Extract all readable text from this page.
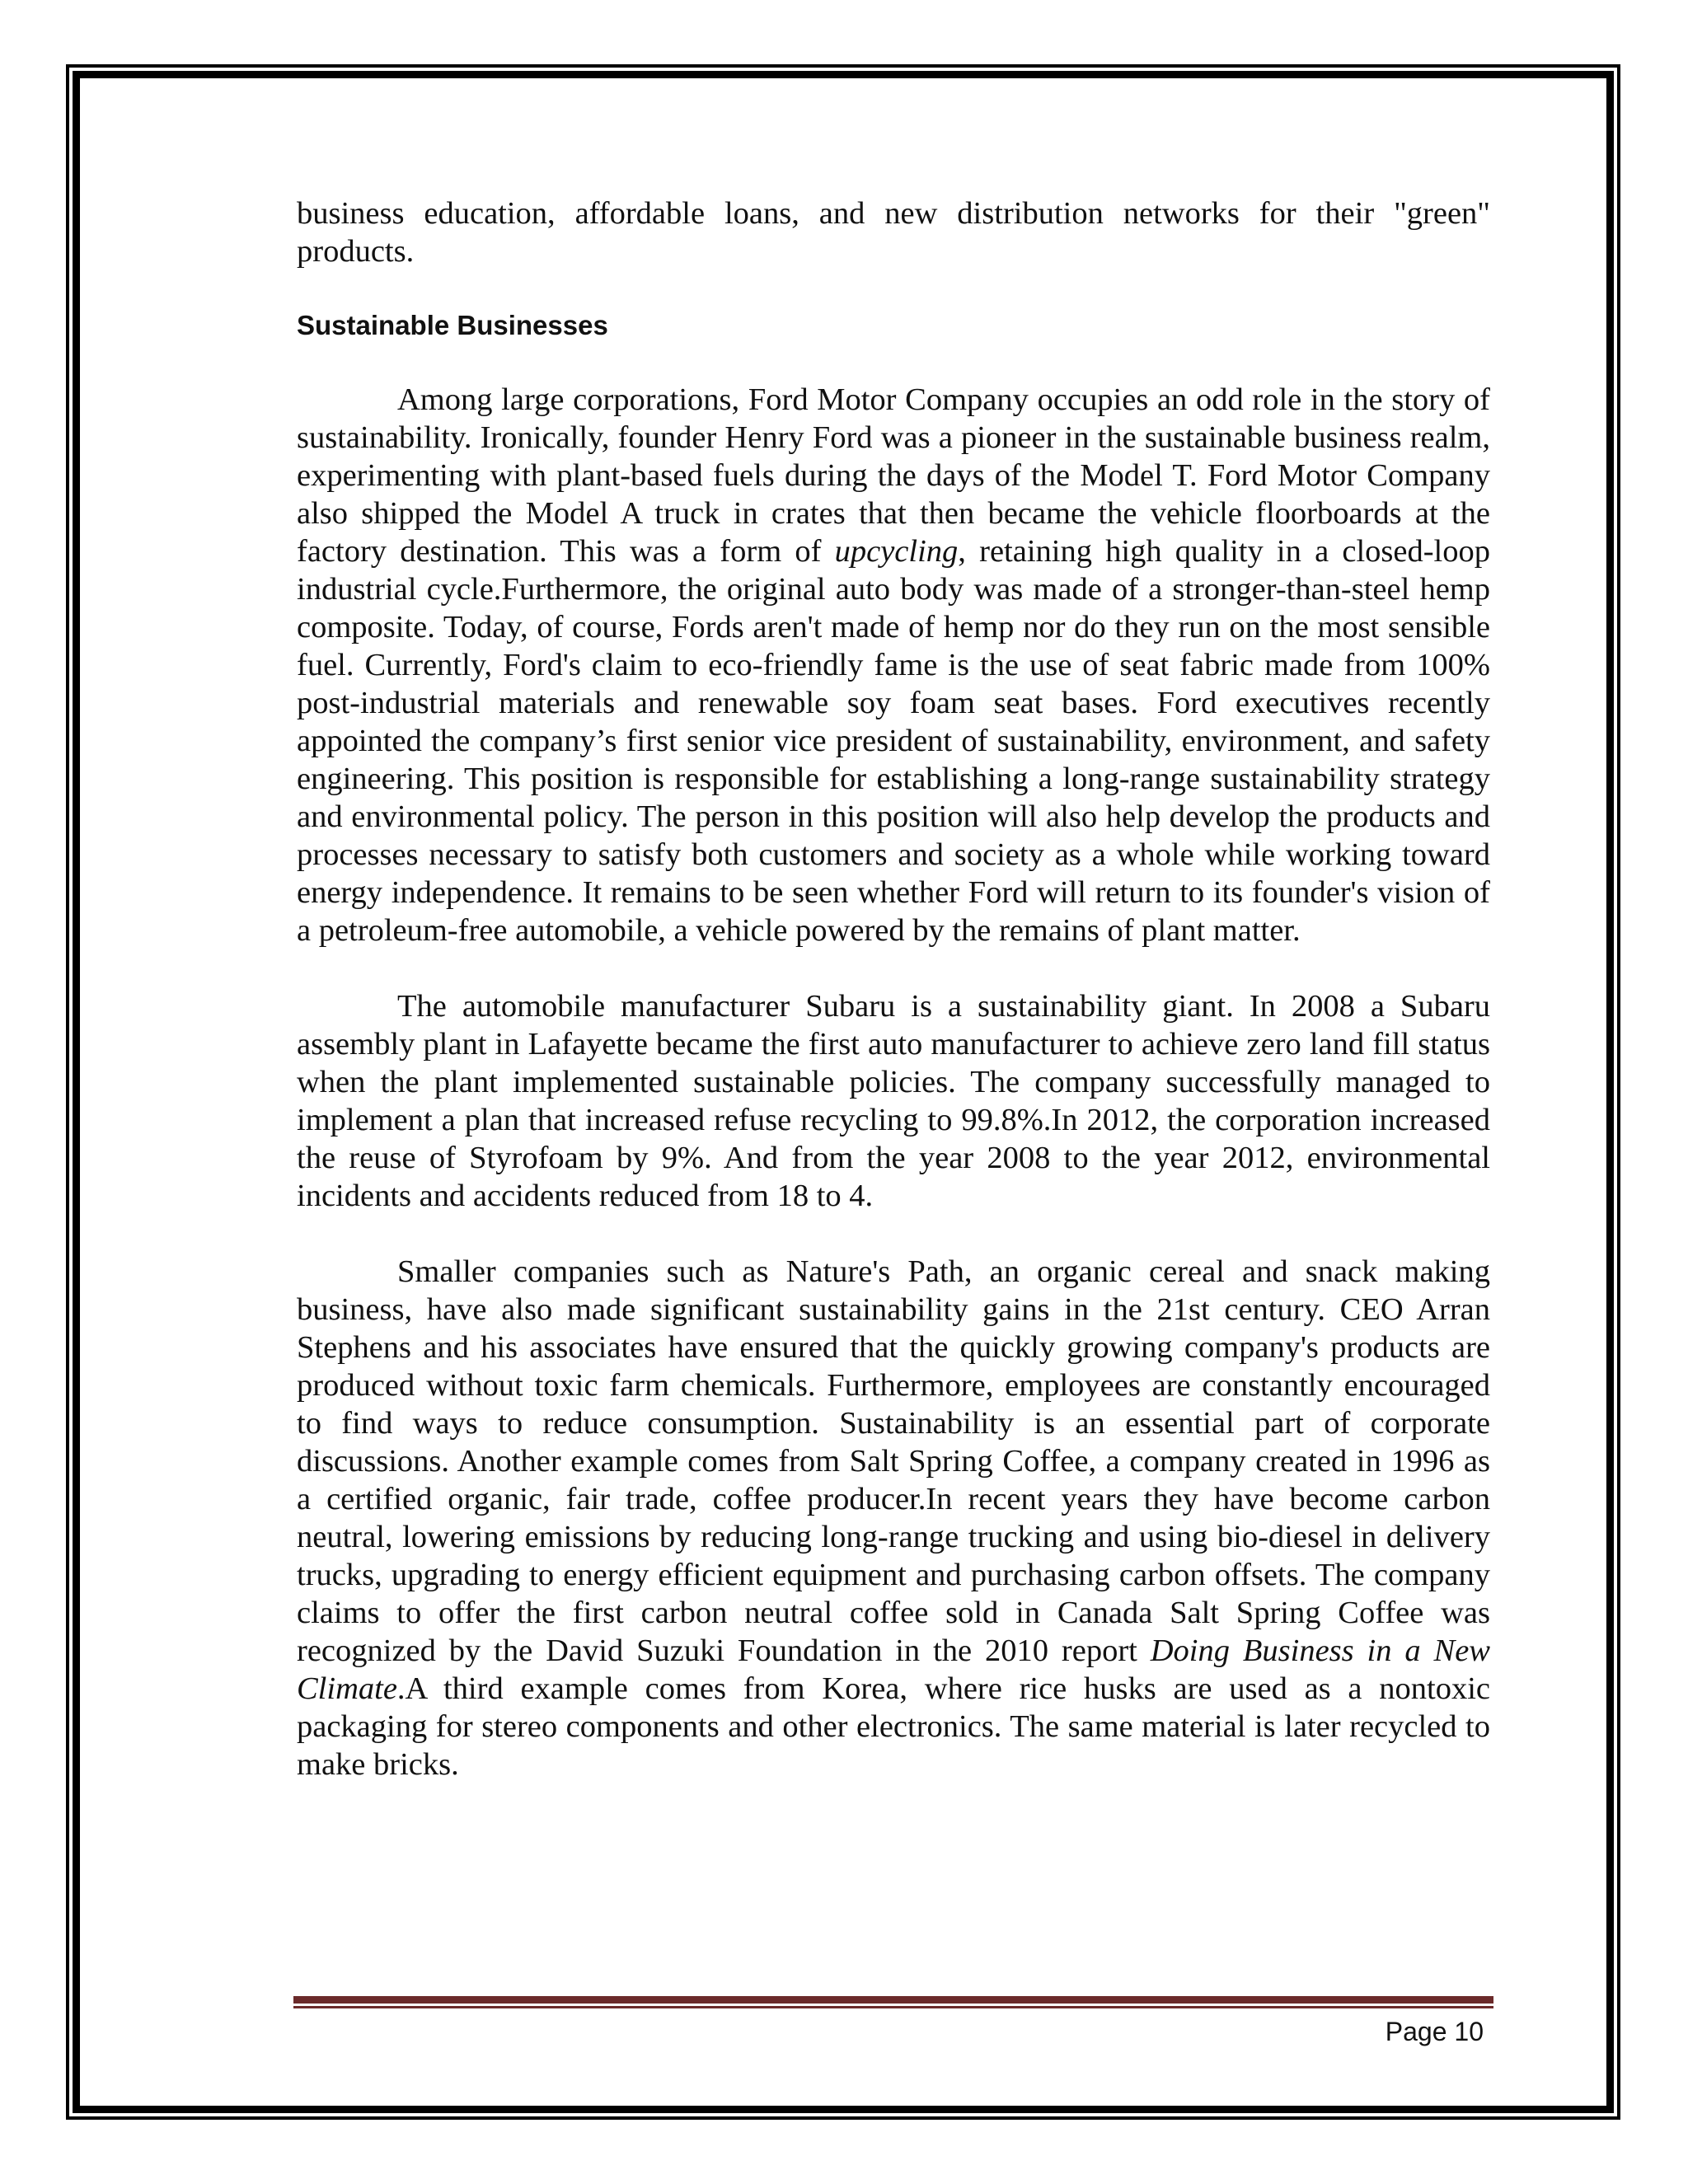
business education, affordable loans, and new distribution networks for their "green" products.

Sustainable Businesses

Among large corporations, Ford Motor Company occupies an odd role in the story of sustainability. Ironically, founder Henry Ford was a pioneer in the sustainable business realm, experimenting with plant-based fuels during the days of the Model T. Ford Motor Company also shipped the Model A truck in crates that then became the vehicle floorboards at the factory destination. This was a form of upcycling, retaining high quality in a closed-loop industrial cycle.Furthermore, the original auto body was made of a stronger-than-steel hemp composite. Today, of course, Fords aren't made of hemp nor do they run on the most sensible fuel. Currently, Ford's claim to eco-friendly fame is the use of seat fabric made from 100% post-industrial materials and renewable soy foam seat bases. Ford executives recently appointed the company’s first senior vice president of sustainability, environment, and safety engineering. This position is responsible for establishing a long-range sustainability strategy and environmental policy. The person in this position will also help develop the products and processes necessary to satisfy both customers and society as a whole while working toward energy independence. It remains to be seen whether Ford will return to its founder's vision of a petroleum-free automobile, a vehicle powered by the remains of plant matter.

The automobile manufacturer Subaru is a sustainability giant. In 2008 a Subaru assembly plant in Lafayette became the first auto manufacturer to achieve zero land fill status when the plant implemented sustainable policies. The company successfully managed to implement a plan that increased refuse recycling to 99.8%.In 2012, the corporation increased the reuse of Styrofoam by 9%. And from the year 2008 to the year 2012, environmental incidents and accidents reduced from 18 to 4.

Smaller companies such as Nature's Path, an organic cereal and snack making business, have also made significant sustainability gains in the 21st century. CEO Arran Stephens and his associates have ensured that the quickly growing company's products are produced without toxic farm chemicals. Furthermore, employees are constantly encouraged to find ways to reduce consumption. Sustainability is an essential part of corporate discussions. Another example comes from Salt Spring Coffee, a company created in 1996 as a certified organic, fair trade, coffee producer.In recent years they have become carbon neutral, lowering emissions by reducing long-range trucking and using bio-diesel in delivery trucks, upgrading to energy efficient equipment and purchasing carbon offsets. The company claims to offer the first carbon neutral coffee sold in Canada Salt Spring Coffee was recognized by the David Suzuki Foundation in the 2010 report Doing Business in a New Climate.A third example comes from Korea, where rice husks are used as a nontoxic packaging for stereo components and other electronics. The same material is later recycled to make bricks.

Page 10
